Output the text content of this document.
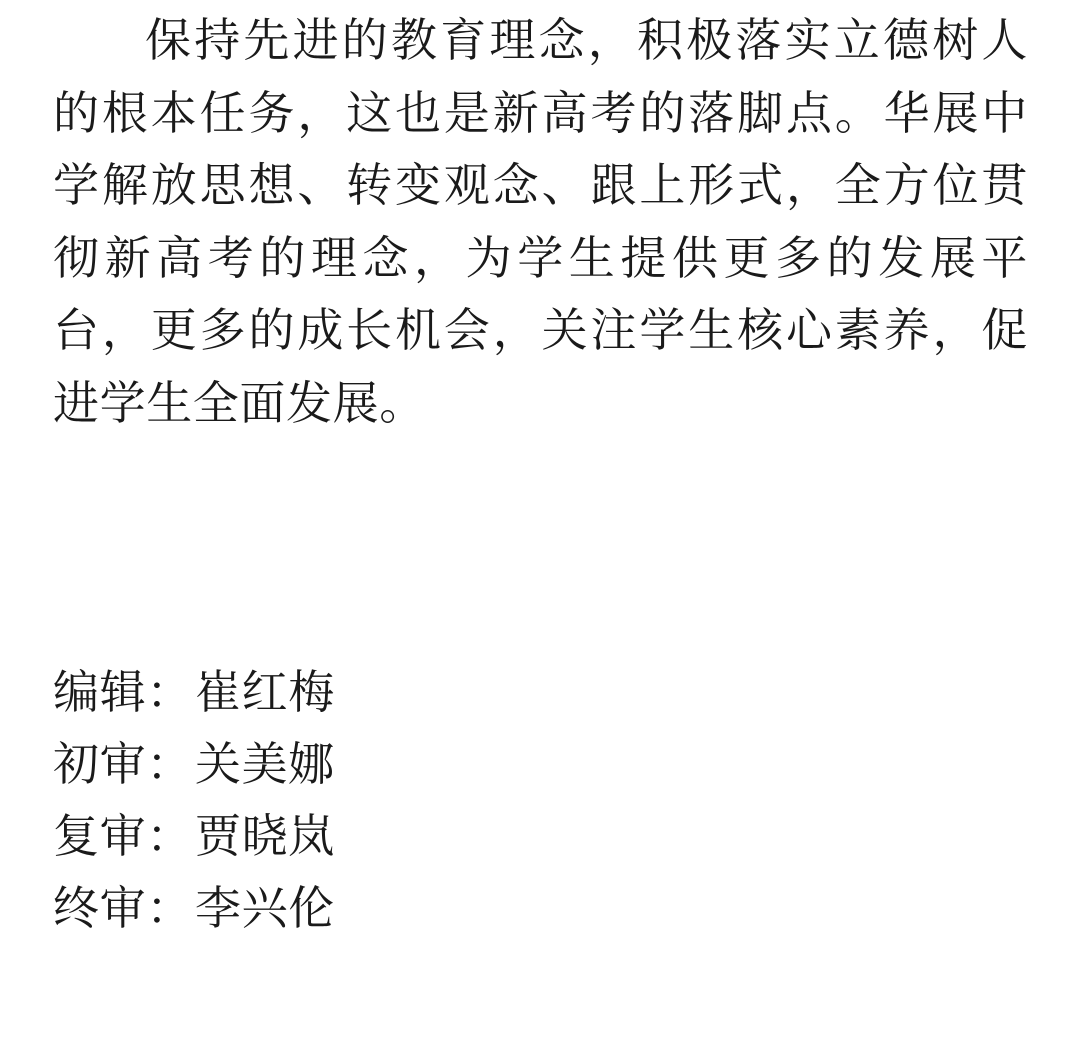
保持先进的教育理念，积极落实立德树人的根本任务，这也是新高考的落脚点。华展中学解放思想、转变观念、跟上形式，全方位贯彻新高考的理念，为学生提供更多的发展平台，更多的成长机会，关注学生核心素养，促进学生全面发展。

编辑：崔红梅
初审：关美娜
复审：贾晓岚
终审：李兴伦
